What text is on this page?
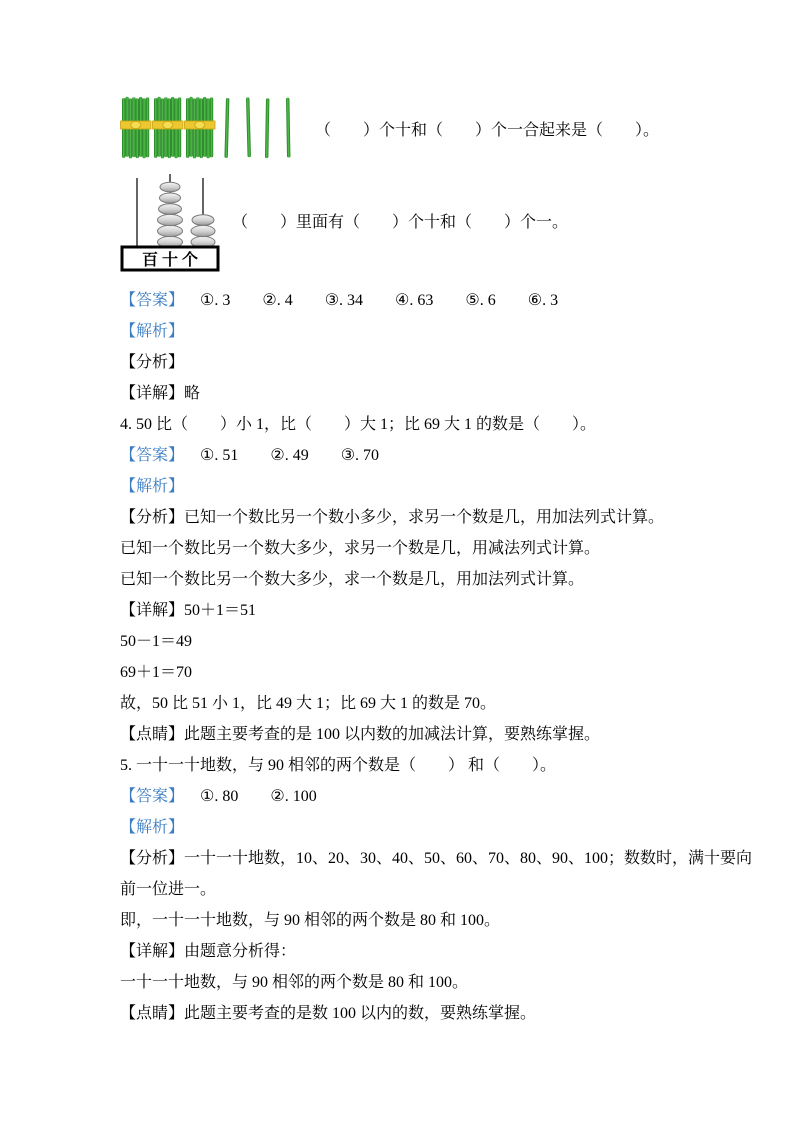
（　　）个十和（　　）个一合起来是（　　）。
百 十 个
（　　）里面有（　　）个十和（　　）个一。

【答案】 ①. 3　　②. 4　　③. 34　　④. 63　　⑤. 6　　⑥. 3

【解析】

【分析】

【详解】略

4. 50 比（　　）小 1，比（　　）大 1；比 69 大 1 的数是（　　）。

【答案】 ①. 51　　②. 49　　③. 70

【解析】

【分析】已知一个数比另一个数小多少，求另一个数是几，用加法列式计算。

已知一个数比另一个数大多少，求另一个数是几，用减法列式计算。

已知一个数比另一个数大多少，求一个数是几，用加法列式计算。

【详解】50＋1＝51

50－1＝49

69＋1＝70

故，50 比 51 小 1，比 49 大 1；比 69 大 1 的数是 70。

【点睛】此题主要考查的是 100 以内数的加减法计算，要熟练掌握。

5. 一十一十地数，与 90 相邻的两个数是（　　） 和（　　）。

【答案】 ①. 80　　②. 100

【解析】

【分析】一十一十地数，10、20、30、40、50、60、70、80、90、100；数数时，满十要向

前一位进一。

即，一十一十地数，与 90 相邻的两个数是 80 和 100。

【详解】由题意分析得：

一十一十地数，与 90 相邻的两个数是 80 和 100。

【点睛】此题主要考查的是数 100 以内的数，要熟练掌握。
